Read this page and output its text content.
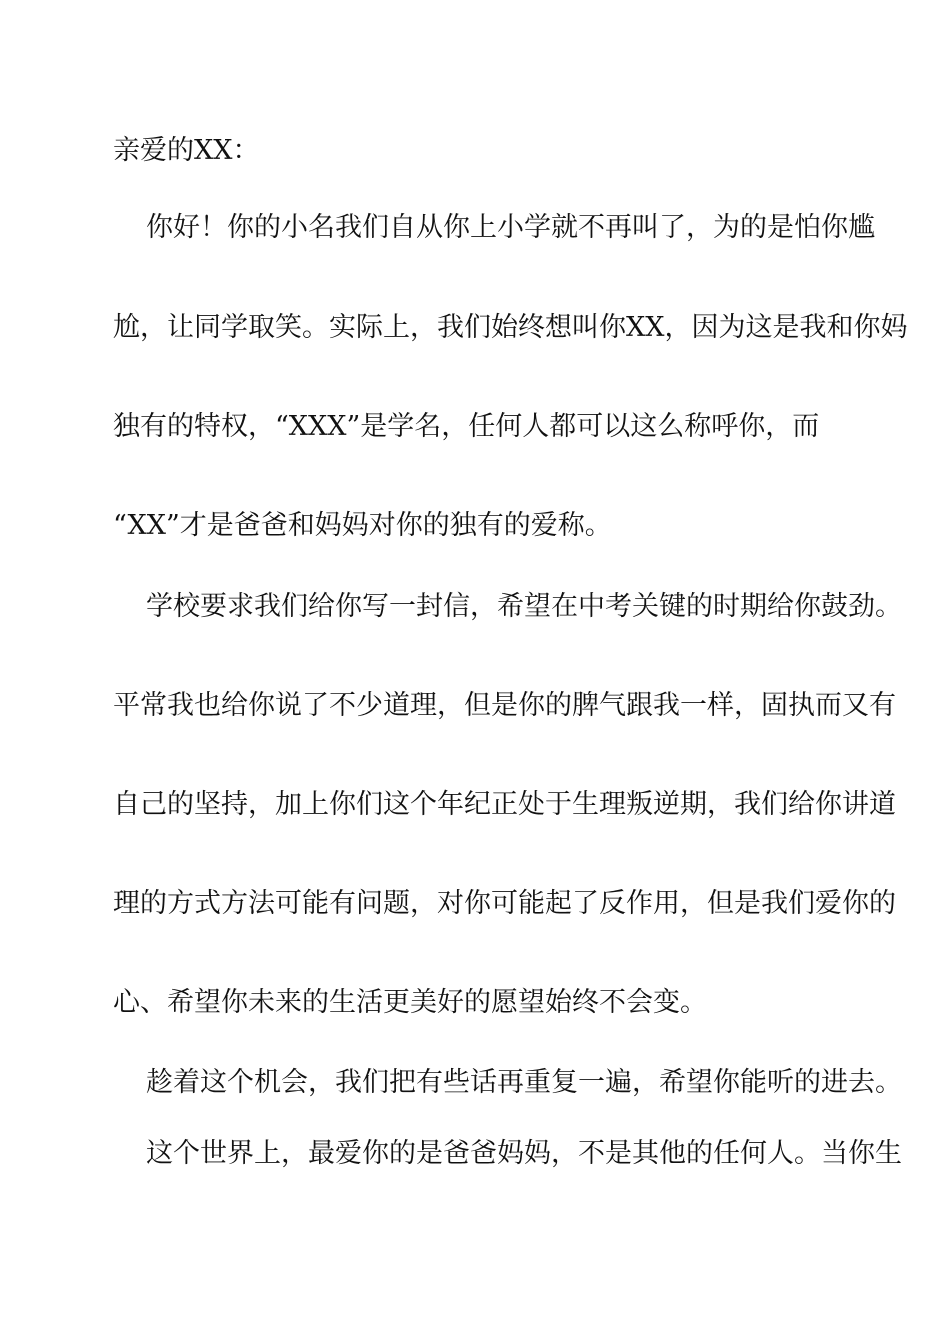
亲爱的XX：
你好！你的小名我们自从你上小学就不再叫了，为的是怕你尴
尬，让同学取笑。实际上，我们始终想叫你XX，因为这是我和你妈
独有的特权，“XXX”是学名，任何人都可以这么称呼你，而
“XX”才是爸爸和妈妈对你的独有的爱称。
学校要求我们给你写一封信，希望在中考关键的时期给你鼓劲。
平常我也给你说了不少道理，但是你的脾气跟我一样，固执而又有
自己的坚持，加上你们这个年纪正处于生理叛逆期，我们给你讲道
理的方式方法可能有问题，对你可能起了反作用，但是我们爱你的
心、希望你未来的生活更美好的愿望始终不会变。
趁着这个机会，我们把有些话再重复一遍，希望你能听的进去。
这个世界上，最爱你的是爸爸妈妈，不是其他的任何人。当你生
